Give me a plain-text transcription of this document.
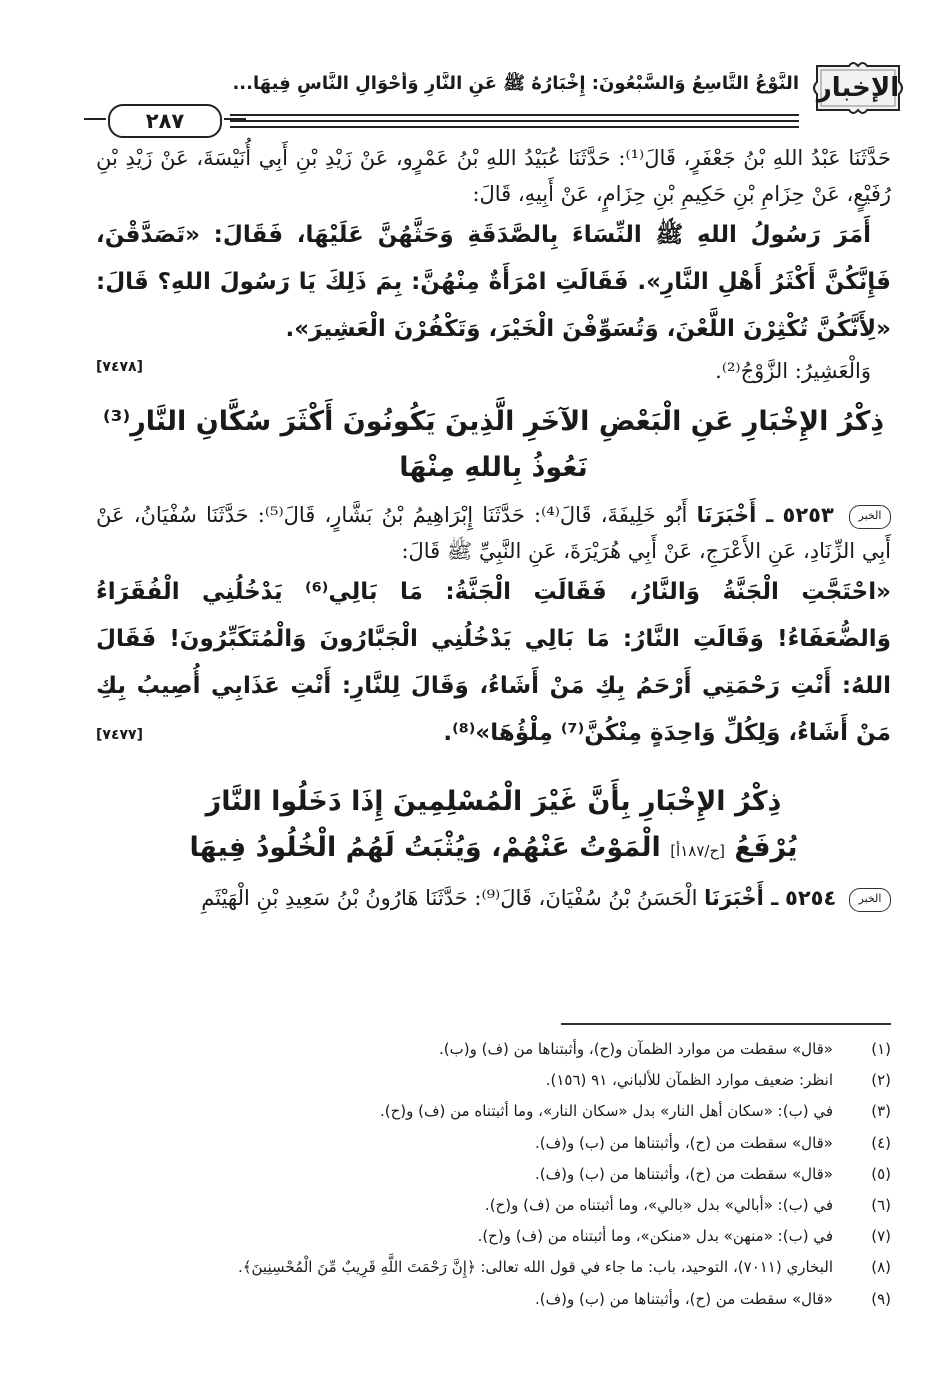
الإخبار
النَّوْعُ التَّاسِعُ وَالسَّبْعُونَ: إِخْبَارُهُ ﷺ عَنِ النَّارِ وَأَحْوَالِ النَّاسِ فِيهَا...
٢٨٧

حَدَّثَنَا عَبْدُ اللهِ بْنُ جَعْفَرٍ، قَالَ⁽¹⁾: حَدَّثَنَا عُبَيْدُ اللهِ بْنُ عَمْرٍو، عَنْ زَيْدِ بْنِ أَبِي أُنَيْسَةَ، عَنْ زَيْدِ بْنِ رُفَيْعٍ، عَنْ حِزَامِ بْنِ حَكِيمِ بْنِ حِزَامٍ، عَنْ أَبِيهِ، قَالَ:

أَمَرَ رَسُولُ اللهِ ﷺ النِّسَاءَ بِالصَّدَقَةِ وَحَثَّهُنَّ عَلَيْهَا، فَقَالَ: «تَصَدَّقْنَ، فَإِنَّكُنَّ أَكْثَرُ أَهْلِ النَّارِ». فَقَالَتِ امْرَأَةٌ مِنْهُنَّ: بِمَ ذَلِكَ يَا رَسُولَ اللهِ؟ قَالَ: «لِأَنَّكُنَّ تُكْثِرْنَ اللَّعْنَ، وَتُسَوِّفْنَ الْخَيْرَ، وَتَكْفُرْنَ الْعَشِيرَ».

وَالْعَشِيرُ: الزَّوْجُ⁽²⁾.

[٧٤٧٨]
ذِكْرُ الإِخْبَارِ عَنِ الْبَعْضِ الآخَرِ الَّذِينَ يَكُونُونَ أَكْثَرَ سُكَّانِ النَّارِ⁽³⁾
نَعُوذُ بِاللهِ مِنْهَا

الخبر ٥٢٥٣ ـ أَخْبَرَنَا أَبُو خَلِيفَةَ، قَالَ⁽⁴⁾: حَدَّثَنَا إِبْرَاهِيمُ بْنُ بَشَّارٍ، قَالَ⁽⁵⁾: حَدَّثَنَا سُفْيَانُ، عَنْ أَبِي الزِّنَادِ، عَنِ الأَعْرَجِ، عَنْ أَبِي هُرَيْرَةَ، عَنِ النَّبِيِّ ﷺ قَالَ:

«احْتَجَّتِ الْجَنَّةُ وَالنَّارُ، فَقَالَتِ الْجَنَّةُ: مَا بَالِي⁽⁶⁾ يَدْخُلُنِي الْفُقَرَاءُ وَالضُّعَفَاءُ! وَقَالَتِ النَّارُ: مَا بَالِي يَدْخُلُنِي الْجَبَّارُونَ وَالْمُتَكَبِّرُونَ! فَقَالَ اللهُ: أَنْتِ رَحْمَتِي أَرْحَمُ بِكِ مَنْ أَشَاءُ، وَقَالَ لِلنَّارِ: أَنْتِ عَذَابِي أُصِيبُ بِكِ مَنْ أَشَاءُ، وَلِكُلِّ وَاحِدَةٍ مِنْكُنَّ⁽⁷⁾ مِلْؤُهَا»⁽⁸⁾.

[٧٤٧٧]
ذِكْرُ الإِخْبَارِ بِأَنَّ غَيْرَ الْمُسْلِمِينَ إِذَا دَخَلُوا النَّارَ
يُرْفَعُ [ح/١٨٧أ] الْمَوْتُ عَنْهُمْ، وَيُثْبَتُ لَهُمُ الْخُلُودُ فِيهَا

الخبر ٥٢٥٤ ـ أَخْبَرَنَا الْحَسَنُ بْنُ سُفْيَانَ، قَالَ⁽⁹⁾: حَدَّثَنَا هَارُونُ بْنُ سَعِيدِ بْنِ الْهَيْثَمِ

(١)
«قال» سقطت من موارد الظمآن و(ح)، وأثبتناها من (ف) و(ب).
(٢)
انظر: ضعيف موارد الظمآن للألباني، ٩١ (١٥٦).
(٣)
في (ب): «سكان أهل النار» بدل «سكان النار»، وما أثبتناه من (ف) و(ح).
(٤)
«قال» سقطت من (ح)، وأثبتناها من (ب) و(ف).
(٥)
«قال» سقطت من (ح)، وأثبتناها من (ب) و(ف).
(٦)
في (ب): «أبالي» بدل «بالي»، وما أثبتناه من (ف) و(ح).
(٧)
في (ب): «منهن» بدل «منكن»، وما أثبتناه من (ف) و(ح).
(٨)
البخاري (٧٠١١)، التوحيد، باب: ما جاء في قول الله تعالى: ﴿إِنَّ رَحْمَتَ اللَّهِ قَرِيبٌ مِّنَ الْمُحْسِنِينَ﴾.
(٩)
«قال» سقطت من (ح)، وأثبتناها من (ب) و(ف).
